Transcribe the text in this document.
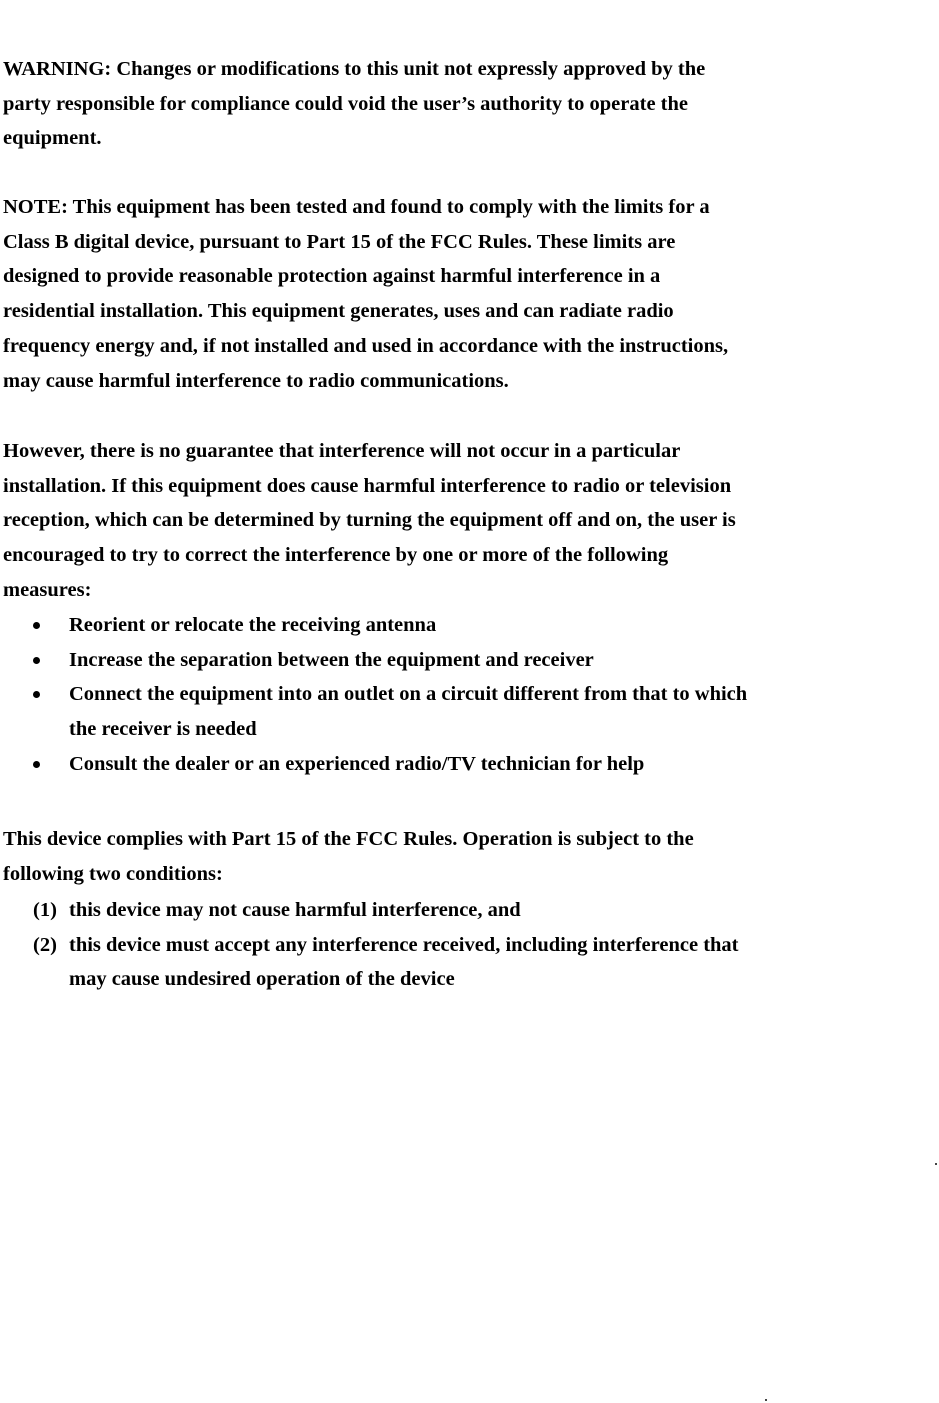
WARNING: Changes or modifications to this unit not expressly approved by the
party responsible for compliance could void the user’s authority to operate the
equipment.

NOTE: This equipment has been tested and found to comply with the limits for a
Class B digital device, pursuant to Part 15 of the FCC Rules. These limits are
designed to provide reasonable protection against harmful interference in a
residential installation. This equipment generates, uses and can radiate radio
frequency energy and, if not installed and used in accordance with the instructions,
may cause harmful interference to radio communications.

However, there is no guarantee that interference will not occur in a particular
installation. If this equipment does cause harmful interference to radio or television
reception, which can be determined by turning the equipment off and on, the user is
encouraged to try to correct the interference by one or more of the following
measures:

Reorient or relocate the receiving antenna
Increase the separation between the equipment and receiver
Connect the equipment into an outlet on a circuit different from that to which
the receiver is needed
Consult the dealer or an experienced radio/TV technician for help

This device complies with Part 15 of the FCC Rules. Operation is subject to the
following two conditions:

(1) this device may not cause harmful interference, and
(2) this device must accept any interference received, including interference that
may cause undesired operation of the device
